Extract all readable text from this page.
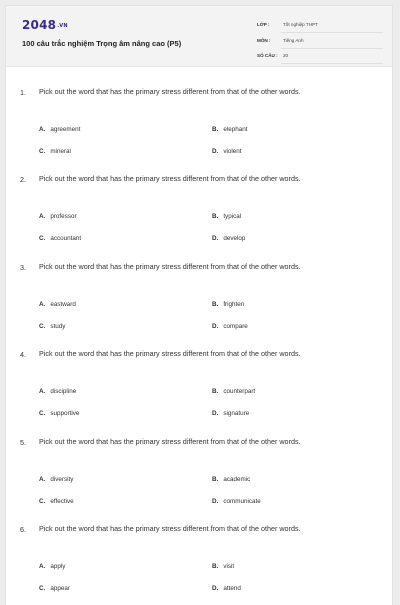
2048.VN
100 câu trắc nghiệm Trọng âm nâng cao (P5)
LỚP :	Tốt nghiệp THPT
MÔN :	Tiếng Anh
SỐ CÂU : 20
1. Pick out the word that has the primary stress different from that of the other words.
A. agreement	B. elephant
C. mineral	D. violent
2. Pick out the word that has the primary stress different from that of the other words.
A. professor	B. typical
C. accountant	D. develop
3. Pick out the word that has the primary stress different from that of the other words.
A. eastward	B. frighten
C. study	D. compare
4. Pick out the word that has the primary stress different from that of the other words.
A. discipline	B. counterpart
C. supportive	D. signature
5. Pick out the word that has the primary stress different from that of the other words.
A. diversity	B. academic
C. effective	D. communicate
6. Pick out the word that has the primary stress different from that of the other words.
A. apply	B. visit
C. appear	D. attend
